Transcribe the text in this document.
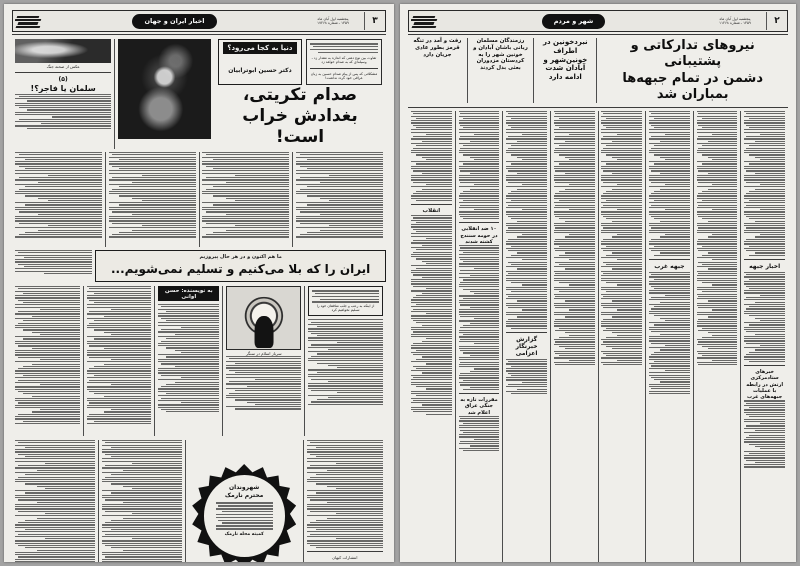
۲
پنجشنبه اول آبان ماه
۱۳۵۹ ـ شماره ۱۱۲۶۸
شهر و مردم
نیروهای تدارکاتی و پشتیبانی
دشمن در تمام جبهه‌ها بمباران شد
نبردخونین در اطراف خونین‌شهر و آبادان شدت ادامه دارد
رزمندگان مسلمان ربانی باشان آبادان و خونین شهر را به کردستان مزدوران بعثی بدل کردند
رفت و آمد در تنگه قرمز بطور عادی جریان دارد
اخبار جبهه
خبرهای ستادمرکزی ارتش در رابطه با عملیات جبهه‌های غرب
جبهه غرب
گزارش خبرنگار اعزامی
۱۰ ضد انقلابی در حومه سنندج کشته شدند
مقررات تازه به جنگی عراق اعلام شد
انقلاب
۳
پنجشنبه اول آبان ماه
۱۳۵۹ ـ شماره ۱۷۲۶۸
اخبار ایران و جهان
تفاوت بین نوع دهنی که اندازه به مقدار زد ـ وسیله‌ای که به صدام خواهد زد
مشکلاتی که پس از پیام صدام حسین به زبان عراقی خود گردد نداشت!
دنیا به کجا می‌رود؟
دکتر حسین ابوترابیان
صدام تکریتی، بغدادش خراب است!
عکس از صحنه جنگ
(۵)
سلمان یا فاجر؟!
ما هم اکنون و در هر حال پیروزیم
ایران را که بلا می‌کنیم و تسلیم نمی‌شویم...
از اینکه به رعب و جلب منافقان خود را تسلیم نخواهیم کرد
سرباز اسلام در سنگر
به نویسنده: حسن اوانی
انتشارات کیهان
شهروندان
محترم نارمک
کمیته محله نارمک
